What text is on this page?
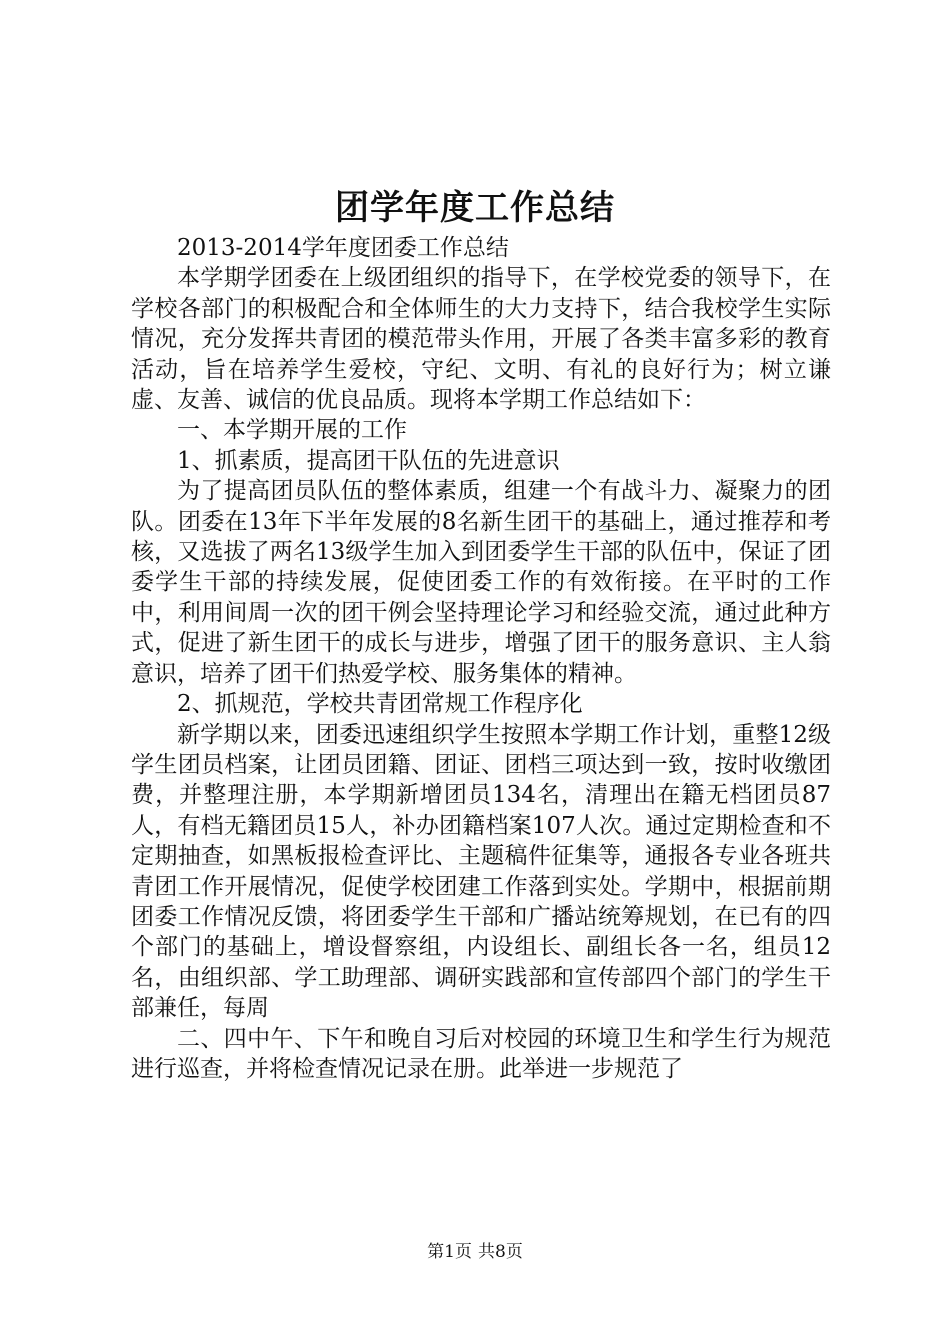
团学年度工作总结

2013-2014学年度团委工作总结

本学期学团委在上级团组织的指导下，在学校党委的领导下，在学校各部门的积极配合和全体师生的大力支持下，结合我校学生实际情况，充分发挥共青团的模范带头作用，开展了各类丰富多彩的教育活动，旨在培养学生爱校，守纪、文明、有礼的良好行为；树立谦虚、友善、诚信的优良品质。现将本学期工作总结如下：

一、本学期开展的工作

1、抓素质，提高团干队伍的先进意识

为了提高团员队伍的整体素质，组建一个有战斗力、凝聚力的团队。团委在13年下半年发展的8名新生团干的基础上，通过推荐和考核，又选拔了两名13级学生加入到团委学生干部的队伍中，保证了团委学生干部的持续发展，促使团委工作的有效衔接。在平时的工作中，利用间周一次的团干例会坚持理论学习和经验交流，通过此种方式，促进了新生团干的成长与进步，增强了团干的服务意识、主人翁意识，培养了团干们热爱学校、服务集体的精神。

2、抓规范，学校共青团常规工作程序化

新学期以来，团委迅速组织学生按照本学期工作计划，重整12级学生团员档案，让团员团籍、团证、团档三项达到一致，按时收缴团费，并整理注册，本学期新增团员134名，清理出在籍无档团员87人，有档无籍团员15人，补办团籍档案107人次。通过定期检查和不定期抽查，如黑板报检查评比、主题稿件征集等，通报各专业各班共青团工作开展情况，促使学校团建工作落到实处。学期中，根据前期团委工作情况反馈，将团委学生干部和广播站统筹规划，在已有的四个部门的基础上，增设督察组，内设组长、副组长各一名，组员12名，由组织部、学工助理部、调研实践部和宣传部四个部门的学生干部兼任，每周

二、四中午、下午和晚自习后对校园的环境卫生和学生行为规范进行巡查，并将检查情况记录在册。此举进一步规范了

第1页 共8页
